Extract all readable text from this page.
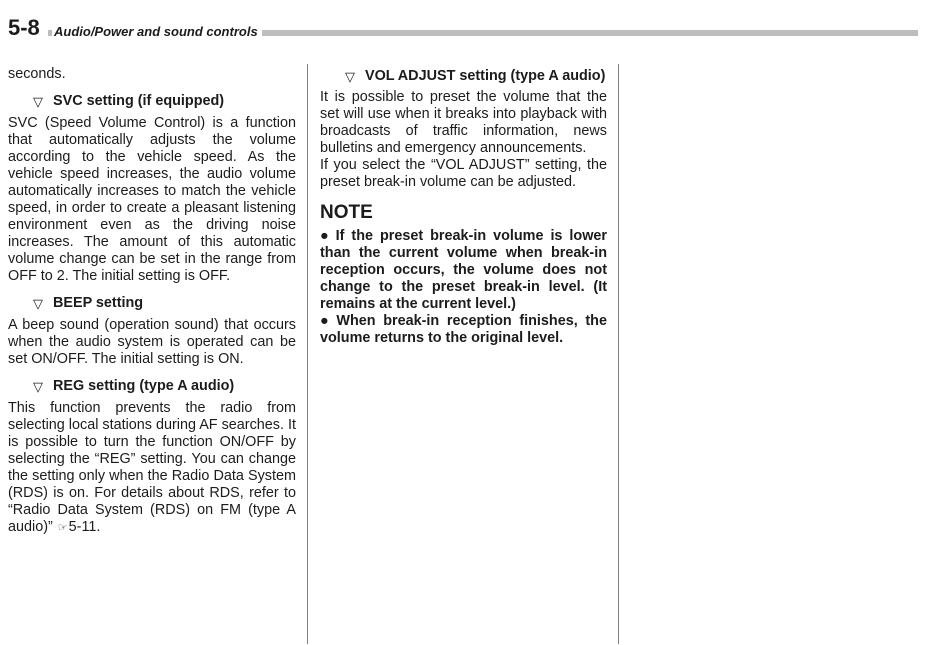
5-8	Audio/Power and sound controls

seconds.

▽ SVC setting (if equipped)

SVC (Speed Volume Control) is a function that automatically adjusts the volume according to the vehicle speed. As the vehicle speed increases, the audio volume automatically increases to match the vehicle speed, in order to create a pleasant listening environment even as the driving noise increases. The amount of this automatic volume change can be set in the range from OFF to 2. The initial setting is OFF.

▽ BEEP setting

A beep sound (operation sound) that occurs when the audio system is operated can be set ON/OFF. The initial setting is ON.

▽ REG setting (type A audio)

This function prevents the radio from selecting local stations during AF searches. It is possible to turn the function ON/OFF by selecting the “REG” setting. You can change the setting only when the Radio Data System (RDS) is on. For details about RDS, refer to “Radio Data System (RDS) on FM (type A audio)” ☞5-11.

▽ VOL ADJUST setting (type A audio)

It is possible to preset the volume that the set will use when it breaks into playback with broadcasts of traffic information, news bulletins and emergency announcements.

If you select the “VOL ADJUST” setting, the preset break-in volume can be adjusted.

NOTE

● If the preset break-in volume is lower than the current volume when break-in reception occurs, the volume does not change to the preset break-in level. (It remains at the current level.)

● When break-in reception finishes, the volume returns to the original level.
